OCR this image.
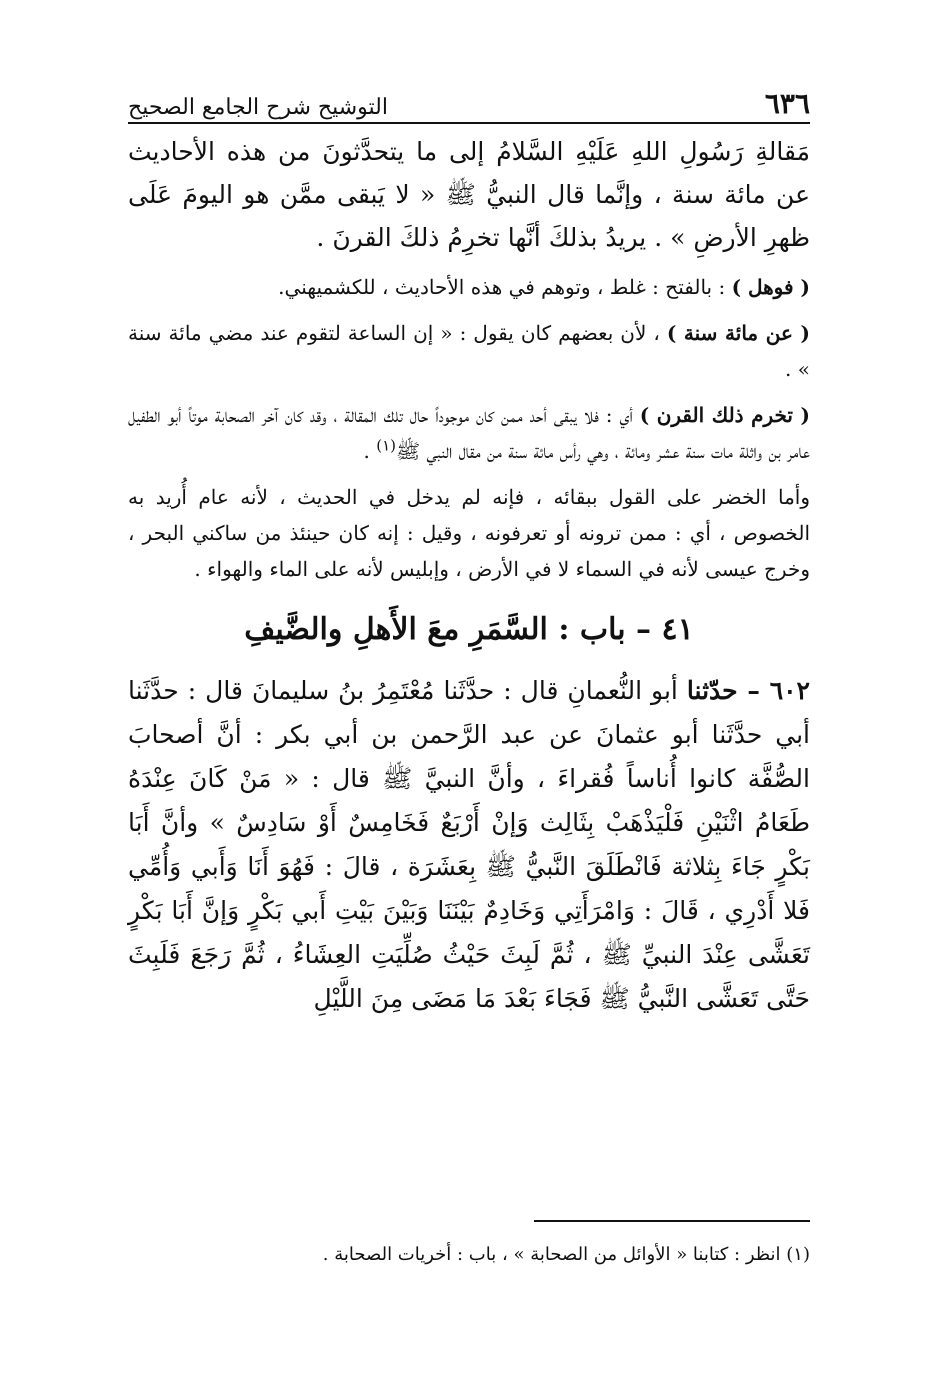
٦٣٦
التوشيح شرح الجامع الصحيح

مَقالةِ رَسُولِ اللهِ عَلَيْهِ السَّلامُ إلى ما يتحدَّثونَ من هذه الأحاديث عن مائة سنة ، وإنَّما قال النبيُّ ﷺ « لا يَبقى ممَّن هو اليومَ عَلَى ظهرِ الأرضِ » . يريدُ بذلكَ أنَّها تخرِمُ ذلكَ القرنَ .

( فوهل ) : بالفتح : غلط ، وتوهم في هذه الأحاديث ، للكشميهني.

( عن مائة سنة ) ، لأن بعضهم كان يقول : « إن الساعة لتقوم عند مضي مائة سنة » .

( تخرم ذلك القرن ) أي : فلا يبقى أحد ممن كان موجوداً حال تلك المقالة ، وقد كان آخر الصحابة موتاً أبو الطفيل عامر بن واثلة مات سنة عشر ومائة ، وهي رأس مائة سنة من مقال النبي ﷺ$^{(١)}$ .

وأما الخضر على القول ببقائه ، فإنه لم يدخل في الحديث ، لأنه عام أُريد به الخصوص ، أي : ممن ترونه أو تعرفونه ، وقيل : إنه كان حينئذ من ساكني البحر ، وخرج عيسى لأنه في السماء لا في الأرض ، وإبليس لأنه على الماء والهواء .

٤١ – باب : السَّمَرِ معَ الأَهلِ والضَّيفِ

٦٠٢ – حدّثنا أبو النُّعمانِ قال : حدَّثَنا مُعْتَمِرُ بنُ سليمانَ قال : حدَّثَنا أبي حدَّثَنا أبو عثمانَ عن عبد الرَّحمن بن أبي بكر : أنَّ أصحابَ الصُّفَّة كانوا أُناساً فُقراءَ ، وأنَّ النبيَّ ﷺ قال : « مَنْ كَانَ عِنْدَهُ طَعَامُ اثْنَيْنِ فَلْيَذْهَبْ بِثَالِث وَإنْ أَرْبَعٌ فَخَامِسٌ أَوْ سَادِسٌ » وأنَّ أَبَا بَكْرٍ جَاءَ بِثلاثة فَانْطَلَقَ النَّبيُّ ﷺ بِعَشَرَة ، قالَ : فَهُوَ أَنَا وَأَبي وَأُمِّي فَلا أَدْرِي ، قَالَ : وَامْرَأَتِي وَخَادِمٌ بَيْنَنَا وَبَيْنَ بَيْتِ أَبي بَكْرٍ وَإنَّ أَبَا بَكْرٍ تَعَشَّى عِنْدَ النبيِّ ﷺ ، ثُمَّ لَبِثَ حَيْثُ صُلِّيَتِ العِشَاءُ ، ثُمَّ رَجَعَ فَلَبِثَ حَتَّى تَعَشَّى النَّبيُّ ﷺ فَجَاءَ بَعْدَ مَا مَضَى مِنَ اللَّيْلِ

(١) انظر : كتابنا « الأوائل من الصحابة » ، باب : أخريات الصحابة .
